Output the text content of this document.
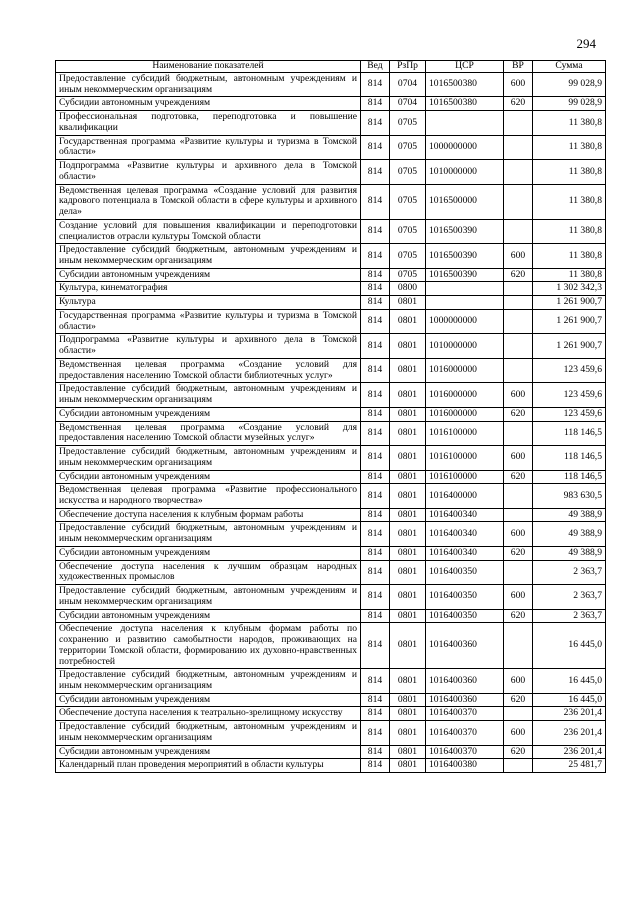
294
Наименование показателей	Вед	РзПр	ЦСР	ВР	Сумма
Предоставление субсидий бюджетным, автономным учреждениям и иным некоммерческим организациям	814	0704	1016500380	600	99 028,9
Субсидии автономным учреждениям	814	0704	1016500380	620	99 028,9
Профессиональная подготовка, переподготовка и повышение квалификации	814	0705			11 380,8
Государственная программа «Развитие культуры и туризма в Томской области»	814	0705	1000000000		11 380,8
Подпрограмма «Развитие культуры и архивного дела в Томской области»	814	0705	1010000000		11 380,8
Ведомственная целевая программа «Создание условий для развития кадрового потенциала в Томской области в сфере культуры и архивного дела»	814	0705	1016500000		11 380,8
Создание условий для повышения квалификации и переподготовки специалистов отрасли культуры Томской области	814	0705	1016500390		11 380,8
Предоставление субсидий бюджетным, автономным учреждениям и иным некоммерческим организациям	814	0705	1016500390	600	11 380,8
Субсидии автономным учреждениям	814	0705	1016500390	620	11 380,8
Культура, кинематография	814	0800			1 302 342,3
Культура	814	0801			1 261 900,7
Государственная программа «Развитие культуры и туризма в Томской области»	814	0801	1000000000		1 261 900,7
Подпрограмма «Развитие культуры и архивного дела в Томской области»	814	0801	1010000000		1 261 900,7
Ведомственная целевая программа «Создание условий для предоставления населению Томской области библиотечных услуг»	814	0801	1016000000		123 459,6
Предоставление субсидий бюджетным, автономным учреждениям и иным некоммерческим организациям	814	0801	1016000000	600	123 459,6
Субсидии автономным учреждениям	814	0801	1016000000	620	123 459,6
Ведомственная целевая программа «Создание условий для предоставления населению Томской области музейных услуг»	814	0801	1016100000		118 146,5
Предоставление субсидий бюджетным, автономным учреждениям и иным некоммерческим организациям	814	0801	1016100000	600	118 146,5
Субсидии автономным учреждениям	814	0801	1016100000	620	118 146,5
Ведомственная целевая программа «Развитие профессионального искусства и народного творчества»	814	0801	1016400000		983 630,5
Обеспечение доступа населения к клубным формам работы	814	0801	1016400340		49 388,9
Предоставление субсидий бюджетным, автономным учреждениям и иным некоммерческим организациям	814	0801	1016400340	600	49 388,9
Субсидии автономным учреждениям	814	0801	1016400340	620	49 388,9
Обеспечение доступа населения к лучшим образцам народных художественных промыслов	814	0801	1016400350		2 363,7
Предоставление субсидий бюджетным, автономным учреждениям и иным некоммерческим организациям	814	0801	1016400350	600	2 363,7
Субсидии автономным учреждениям	814	0801	1016400350	620	2 363,7
Обеспечение доступа населения к клубным формам работы по сохранению и развитию самобытности народов, проживающих на территории Томской области, формированию их духовно-нравственных потребностей	814	0801	1016400360		16 445,0
Предоставление субсидий бюджетным, автономным учреждениям и иным некоммерческим организациям	814	0801	1016400360	600	16 445,0
Субсидии автономным учреждениям	814	0801	1016400360	620	16 445,0
Обеспечение доступа населения к театрально-зрелищному искусству	814	0801	1016400370		236 201,4
Предоставление субсидий бюджетным, автономным учреждениям и иным некоммерческим организациям	814	0801	1016400370	600	236 201,4
Субсидии автономным учреждениям	814	0801	1016400370	620	236 201,4
Календарный план проведения мероприятий в области культуры	814	0801	1016400380		25 481,7
